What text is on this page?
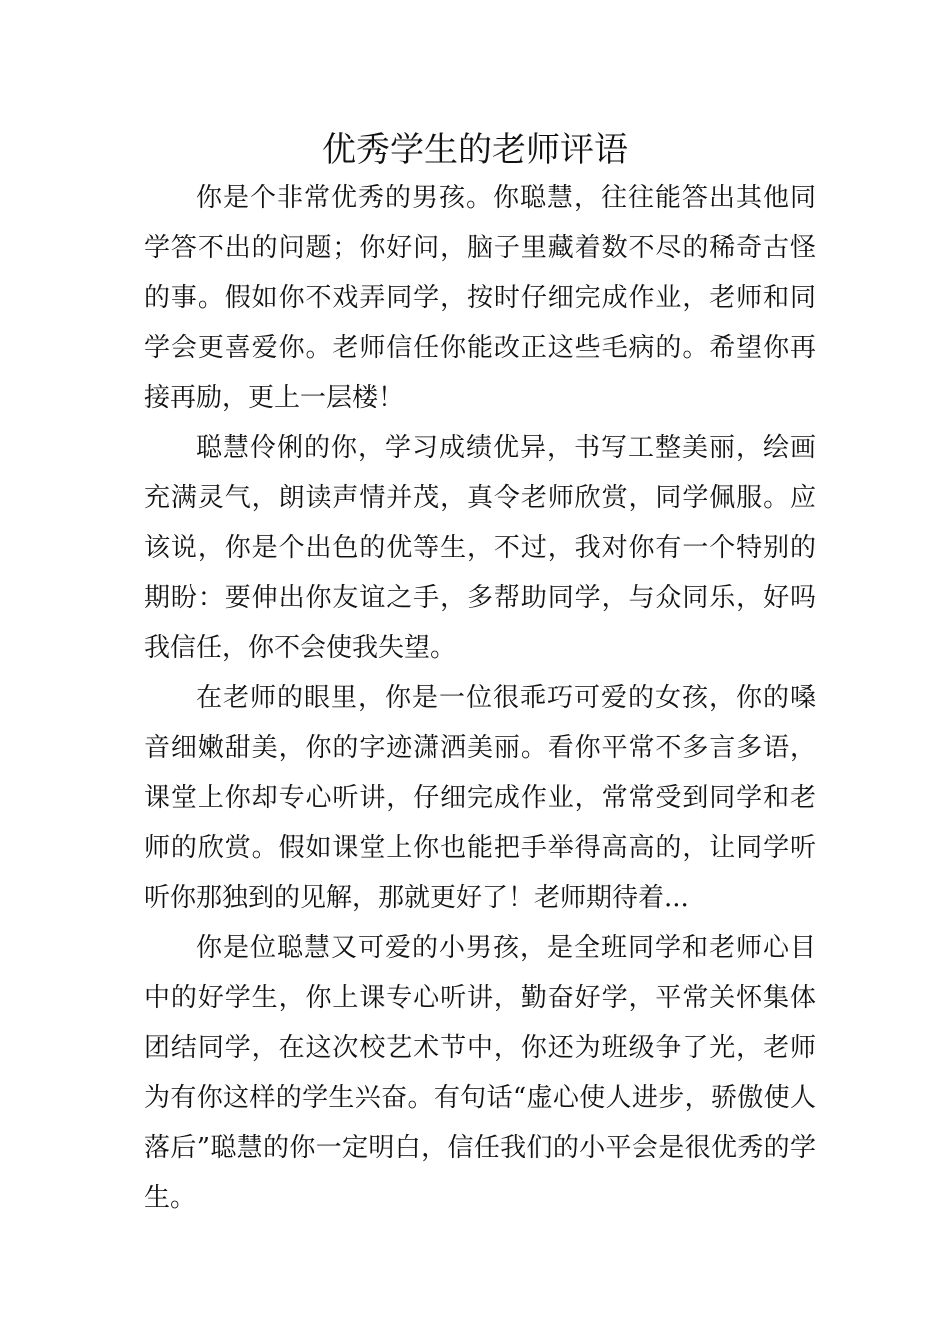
优秀学生的老师评语

你是个非常优秀的男孩。你聪慧，往往能答出其他同学答不出的问题；你好问，脑子里藏着数不尽的稀奇古怪的事。假如你不戏弄同学，按时仔细完成作业，老师和同学会更喜爱你。老师信任你能改正这些毛病的。希望你再接再励，更上一层楼！

聪慧伶俐的你，学习成绩优异，书写工整美丽，绘画充满灵气，朗读声情并茂，真令老师欣赏，同学佩服。应该说，你是个出色的优等生，不过，我对你有一个特别的期盼：要伸出你友谊之手，多帮助同学，与众同乐，好吗我信任，你不会使我失望。

在老师的眼里，你是一位很乖巧可爱的女孩，你的嗓音细嫩甜美，你的字迹潇洒美丽。看你平常不多言多语，课堂上你却专心听讲，仔细完成作业，常常受到同学和老师的欣赏。假如课堂上你也能把手举得高高的，让同学听听你那独到的见解，那就更好了！老师期待着...

你是位聪慧又可爱的小男孩，是全班同学和老师心目中的好学生，你上课专心听讲，勤奋好学，平常关怀集体团结同学，在这次校艺术节中，你还为班级争了光，老师为有你这样的学生兴奋。有句话“虚心使人进步，骄傲使人落后”聪慧的你一定明白，信任我们的小平会是很优秀的学生。
